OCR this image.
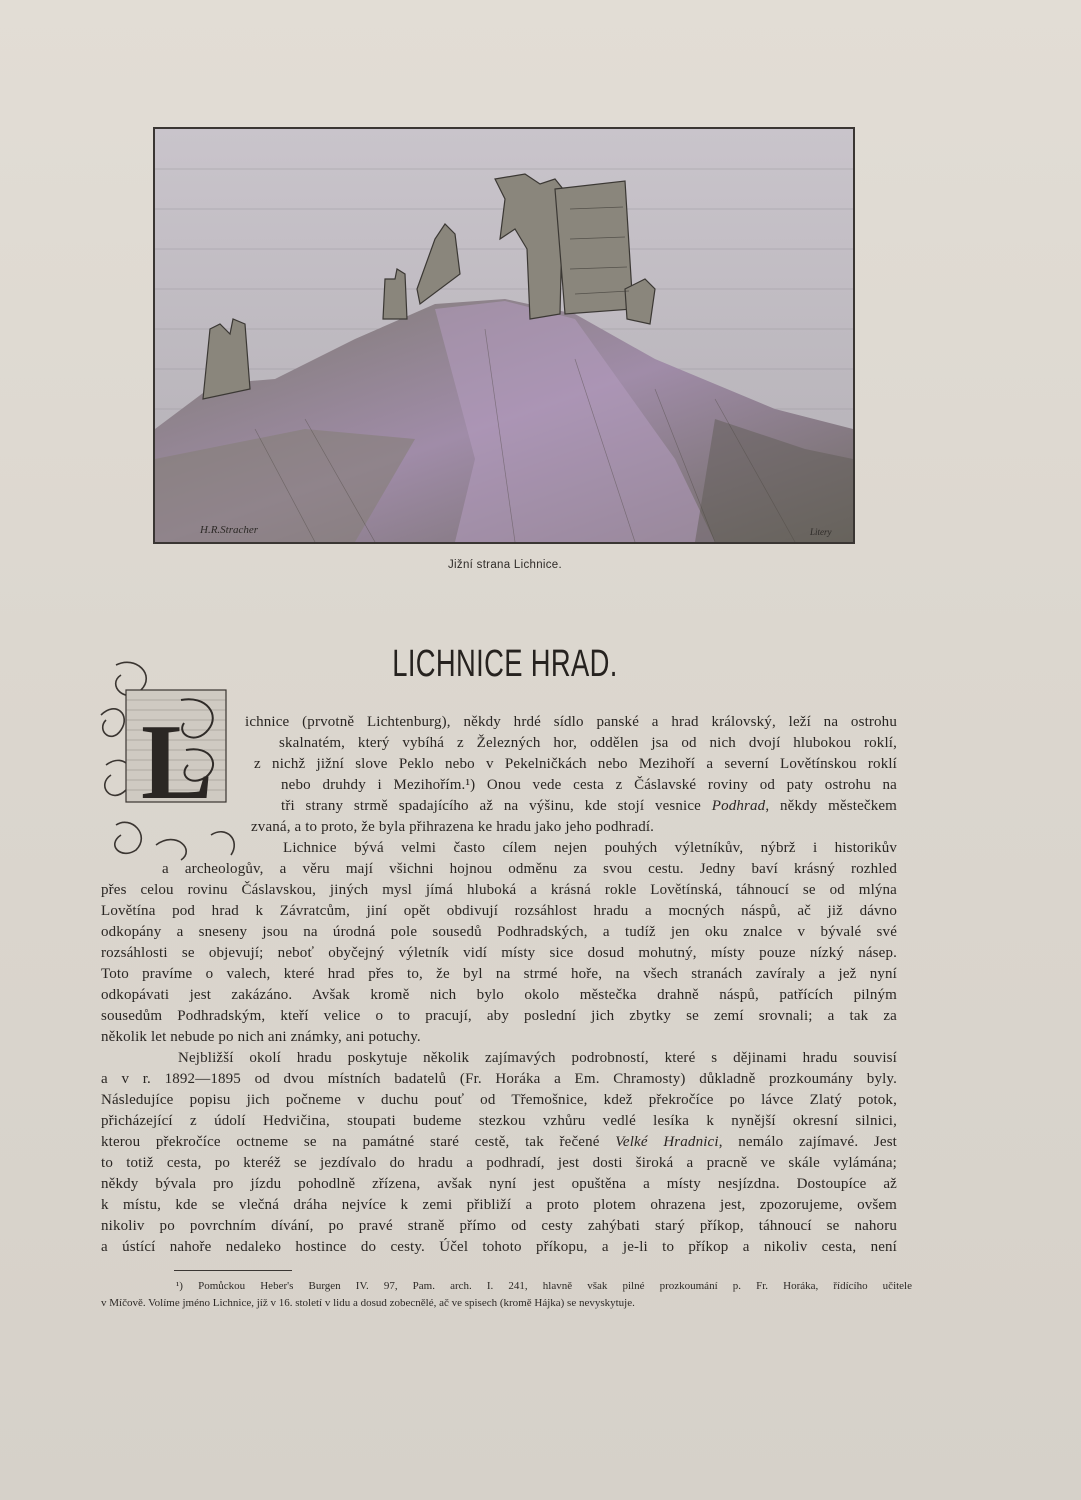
H.R.Stracher	Litery
Jižní strana Lichnice.
LICHNICE HRAD.
L ichnice (prvotně Lichtenburg), někdy hrdé sídlo panské a hrad královský, leží na ostrohu
skalnatém, který vybíhá z Železných hor, oddělen jsa od nich dvojí hlubokou roklí,
z nichž jižní slove Peklo nebo v Pekelničkách nebo Mezihoří a severní Lovětínskou roklí
nebo druhdy i Mezihořím.¹) Onou vede cesta z Čáslavské roviny od paty ostrohu na
tři strany strmě spadajícího až na výšinu, kde stojí vesnice Podhrad, někdy městečkem
zvaná, a to proto, že byla přihrazena ke hradu jako jeho podhradí.
Lichnice bývá velmi často cílem nejen pouhých výletníkův, nýbrž i historikův
a archeologův, a věru mají všichni hojnou odměnu za svou cestu. Jedny baví krásný rozhled
přes celou rovinu Čáslavskou, jiných mysl jímá hluboká a krásná rokle Lovětínská, táhnoucí se od mlýna
Lovětína pod hrad k Závratcům, jiní opět obdivují rozsáhlost hradu a mocných náspů, ač již dávno
odkopány a sneseny jsou na úrodná pole sousedů Podhradských, a tudíž jen oku znalce v bývalé své
rozsáhlosti se objevují; neboť obyčejný výletník vidí místy sice dosud mohutný, místy pouze nízký násep.
Toto pravíme o valech, které hrad přes to, že byl na strmé hoře, na všech stranách zavíraly a jež nyní
odkopávati jest zakázáno. Avšak kromě nich bylo okolo městečka drahně náspů, patřících pilným
sousedům Podhradským, kteří velice o to pracují, aby poslední jich zbytky se zemí srovnali; a tak za
několik let nebude po nich ani známky, ani potuchy.
Nejbližší okolí hradu poskytuje několik zajímavých podrobností, které s dějinami hradu souvisí
a v r. 1892—1895 od dvou místních badatelů (Fr. Horáka a Em. Chramosty) důkladně prozkoumány byly.
Následujíce popisu jich počneme v duchu pouť od Třemošnice, kdež překročíce po lávce Zlatý potok,
přicházející z údolí Hedvičina, stoupati budeme stezkou vzhůru vedlé lesíka k nynější okresní silnici,
kterou překročíce octneme se na památné staré cestě, tak řečené Velké Hradnici, nemálo zajímavé. Jest
to totiž cesta, po kteréž se jezdívalo do hradu a podhradí, jest dosti široká a pracně ve skále vylámána;
někdy bývala pro jízdu pohodlně zřízena, avšak nyní jest opuštěna a místy nesjízdna. Dostoupíce až
k místu, kde se vlečná dráha nejvíce k zemi přibliží a proto plotem ohrazena jest, zpozorujeme, ovšem
nikoliv po povrchním dívání, po pravé straně přímo od cesty zahýbati starý příkop, táhnoucí se nahoru
a ústící nahoře nedaleko hostince do cesty. Účel tohoto příkopu, a je-li to příkop a nikoliv cesta, není
¹) Pomůckou Heber's Burgen IV. 97, Pam. arch. I. 241, hlavně však pilné prozkoumání p. Fr. Horáka, řídícího učitele
v Míčově. Volíme jméno Lichnice, jíž v 16. století v lidu a dosud zobecnělé, ač ve spisech (kromě Hájka) se nevyskytuje.
